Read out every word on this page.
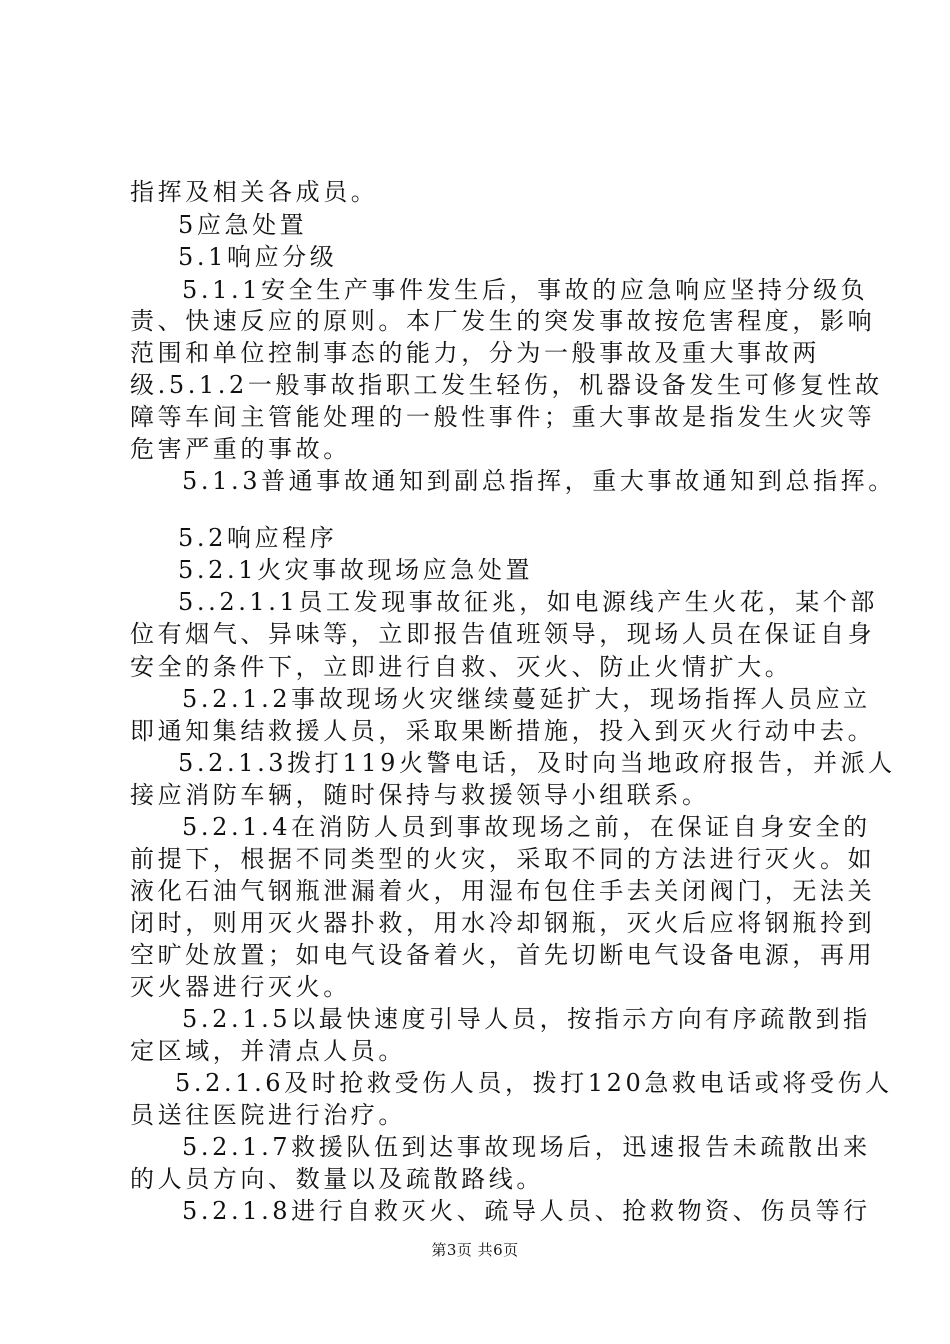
指挥及相关各成员。
5应急处置
5.1响应分级
5.1.1安全生产事件发生后，事故的应急响应坚持分级负
责、快速反应的原则。本厂发生的突发事故按危害程度，影响
范围和单位控制事态的能力，分为一般事故及重大事故两
级.5.1.2一般事故指职工发生轻伤，机器设备发生可修复性故
障等车间主管能处理的一般性事件；重大事故是指发生火灾等
危害严重的事故。
5.1.3普通事故通知到副总指挥，重大事故通知到总指挥。
5.2响应程序
5.2.1火灾事故现场应急处置
5..2.1.1员工发现事故征兆，如电源线产生火花，某个部
位有烟气、异味等，立即报告值班领导，现场人员在保证自身
安全的条件下，立即进行自救、灭火、防止火情扩大。
5.2.1.2事故现场火灾继续蔓延扩大，现场指挥人员应立
即通知集结救援人员，采取果断措施，投入到灭火行动中去。
5.2.1.3拨打119火警电话，及时向当地政府报告，并派人
接应消防车辆，随时保持与救援领导小组联系。
5.2.1.4在消防人员到事故现场之前，在保证自身安全的
前提下，根据不同类型的火灾，采取不同的方法进行灭火。如
液化石油气钢瓶泄漏着火，用湿布包住手去关闭阀门，无法关
闭时，则用灭火器扑救，用水冷却钢瓶，灭火后应将钢瓶拎到
空旷处放置；如电气设备着火，首先切断电气设备电源，再用
灭火器进行灭火。
5.2.1.5以最快速度引导人员，按指示方向有序疏散到指
定区域，并清点人员。
5.2.1.6及时抢救受伤人员，拨打120急救电话或将受伤人
员送往医院进行治疗。
5.2.1.7救援队伍到达事故现场后，迅速报告未疏散出来
的人员方向、数量以及疏散路线。
5.2.1.8进行自救灭火、疏导人员、抢救物资、伤员等行
第3页 共6页
